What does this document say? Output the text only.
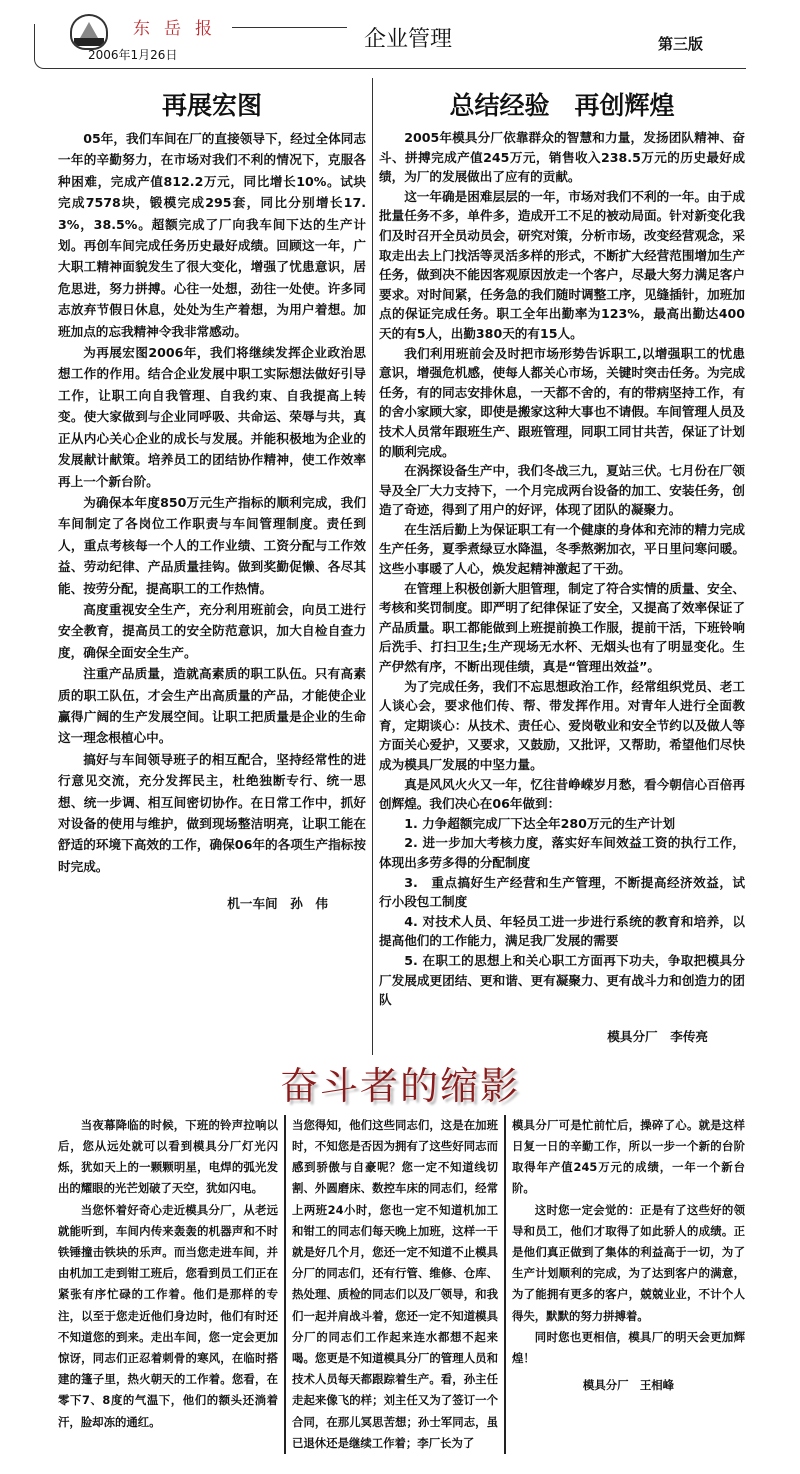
东岳报
2006年1月26日
企业管理	第三版
再展宏图

05年，我们车间在厂的直接领导下，经过全体同志一年的辛勤努力，在市场对我们不利的情况下，克服各种困难，完成产值812.2万元，同比增长10%。试块完成7578块，锻模完成295套，同比分别增长17.3%，38.5%。超额完成了厂向我车间下达的生产计划。再创车间完成任务历史最好成绩。回顾这一年，广大职工精神面貌发生了很大变化，增强了忧患意识，居危思进，努力拼搏。心往一处想，劲往一处使。许多同志放弃节假日休息，处处为生产着想，为用户着想。加班加点的忘我精神令我非常感动。

为再展宏图2006年，我们将继续发挥企业政治思想工作的作用。结合企业发展中职工实际想法做好引导工作，让职工向自我管理、自我约束、自我提高上转变。使大家做到与企业同呼吸、共命运、荣辱与共，真正从内心关心企业的成长与发展。并能积极地为企业的发展献计献策。培养员工的团结协作精神，使工作效率再上一个新台阶。

为确保本年度850万元生产指标的顺利完成，我们车间制定了各岗位工作职责与车间管理制度。责任到人，重点考核每一个人的工作业绩、工资分配与工作效益、劳动纪律、产品质量挂钩。做到奖勤促懒、各尽其能、按劳分配，提高职工的工作热情。

高度重视安全生产，充分利用班前会，向员工进行安全教育，提高员工的安全防范意识，加大自检自查力度，确保全面安全生产。

注重产品质量，造就高素质的职工队伍。只有高素质的职工队伍，才会生产出高质量的产品，才能使企业赢得广阔的生产发展空间。让职工把质量是企业的生命这一理念根植心中。

搞好与车间领导班子的相互配合，坚持经常性的进行意见交流，充分发挥民主，杜绝独断专行、统一思想、统一步调、相互间密切协作。在日常工作中，抓好对设备的使用与维护，做到现场整洁明亮，让职工能在舒适的环境下高效的工作，确保06年的各项生产指标按时完成。

机一车间　孙　伟
总结经验　再创辉煌

2005年模具分厂依靠群众的智慧和力量，发扬团队精神、奋斗、拼搏完成产值245万元，销售收入238.5万元的历史最好成绩，为厂的发展做出了应有的贡献。

这一年确是困难层层的一年，市场对我们不利的一年。由于成批量任务不多，单件多，造成开工不足的被动局面。针对新变化我们及时召开全员动员会，研究对策，分析市场，改变经营观念，采取走出去上门找活等灵活多样的形式，不断扩大经营范围增加生产任务，做到决不能因客观原因放走一个客户，尽最大努力满足客户要求。对时间紧，任务急的我们随时调整工序，见缝插针，加班加点的保证完成任务。职工全年出勤率为123%，最高出勤达400天的有5人，出勤380天的有15人。

我们利用班前会及时把市场形势告诉职工,以增强职工的忧患意识，增强危机感，使每人都关心市场，关键时突击任务。为完成任务，有的同志安排休息，一天都不舍的，有的带病坚持工作，有的舍小家顾大家，即使是搬家这种大事也不请假。车间管理人员及技术人员常年跟班生产、跟班管理，同职工同甘共苦，保证了计划的顺利完成。

在涡探设备生产中，我们冬战三九，夏站三伏。七月份在厂领导及全厂大力支持下，一个月完成两台设备的加工、安装任务，创造了奇迹，得到了用户的好评，体现了团队的凝聚力。

在生活后勤上为保证职工有一个健康的身体和充沛的精力完成生产任务，夏季煮绿豆水降温，冬季熬粥加衣，平日里问寒问暖。这些小事暖了人心，焕发起精神激起了干劲。

在管理上积极创新大胆管理，制定了符合实情的质量、安全、考核和奖罚制度。即严明了纪律保证了安全，又提高了效率保证了产品质量。职工都能做到上班提前换工作服，提前干活，下班铃响后洗手、打扫卫生;生产现场无水杯、无烟头也有了明显变化。生产伊然有序，不断出现佳绩，真是“管理出效益”。

为了完成任务，我们不忘思想政治工作，经常组织党员、老工人谈心会，要求他们传、帮、带发挥作用。对青年人进行全面教育，定期谈心：从技术、责任心、爱岗敬业和安全节约以及做人等方面关心爱护，又要求，又鼓励，又批评，又帮助，希望他们尽快成为模具厂发展的中坚力量。

真是风风火火又一年，忆往昔峥嵘岁月愁，看今朝信心百倍再创辉煌。我们决心在06年做到：

1. 力争超额完成厂下达全年280万元的生产计划

2. 进一步加大考核力度，落实好车间效益工资的执行工作，体现出多劳多得的分配制度

3.　重点搞好生产经营和生产管理，不断提高经济效益，试行小段包工制度

4. 对技术人员、年轻员工进一步进行系统的教育和培养，以提高他们的工作能力，满足我厂发展的需要

5. 在职工的思想上和关心职工方面再下功夫，争取把模具分厂发展成更团结、更和谐、更有凝聚力、更有战斗力和创造力的团队

模具分厂　李传亮
奋斗者的缩影

当夜幕降临的时候，下班的铃声拉响以后，您从远处就可以看到模具分厂灯光闪烁，犹如天上的一颗颗明星，电焊的弧光发出的耀眼的光芒划破了天空，犹如闪电。

当您怀着好奇心走近模具分厂，从老远就能听到，车间内传来轰轰的机器声和不时铁锤撞击铁块的乐声。而当您走进车间，并由机加工走到钳工班后，您看到员工们正在紧张有序忙碌的工作着。他们是那样的专注，以至于您走近他们身边时，他们有时还不知道您的到来。走出车间，您一定会更加惊讶，同志们正忍着刺骨的寒风，在临时搭建的篷子里，热火朝天的工作着。您看，在零下7、8度的气温下，他们的额头还淌着汗，脸却冻的通红。

当您得知，他们这些同志们，这是在加班时，不知您是否因为拥有了这些好同志而感到骄傲与自豪呢？您一定不知道线切割、外圆磨床、数控车床的同志们，经常上两班24小时，您也一定不知道机加工和钳工的同志们每天晚上加班，这样一干就是好几个月，您还一定不知道不止模具分厂的同志们，还有行管、维修、仓库、热处理、质检的同志们以及厂领导，和我们一起并肩战斗着，您还一定不知道模具分厂的同志们工作起来连水都想不起来喝。您更是不知道模具分厂的管理人员和技术人员每天都跟踪着生产。看，孙主任走起来像飞的样；刘主任又为了签订一个合同，在那儿冥思苦想；孙士军同志，虽已退休还是继续工作着；李厂长为了

模具分厂可是忙前忙后，操碎了心。就是这样日复一日的辛勤工作，所以一步一个新的台阶取得年产值245万元的成绩，一年一个新台阶。

这时您一定会觉的：正是有了这些好的领导和员工，他们才取得了如此骄人的成绩。正是他们真正做到了集体的利益高于一切，为了生产计划顺利的完成，为了达到客户的满意，为了能拥有更多的客户，兢兢业业，不计个人得失，默默的努力拼搏着。

同时您也更相信，模具厂的明天会更加辉煌！

模具分厂　王相峰
